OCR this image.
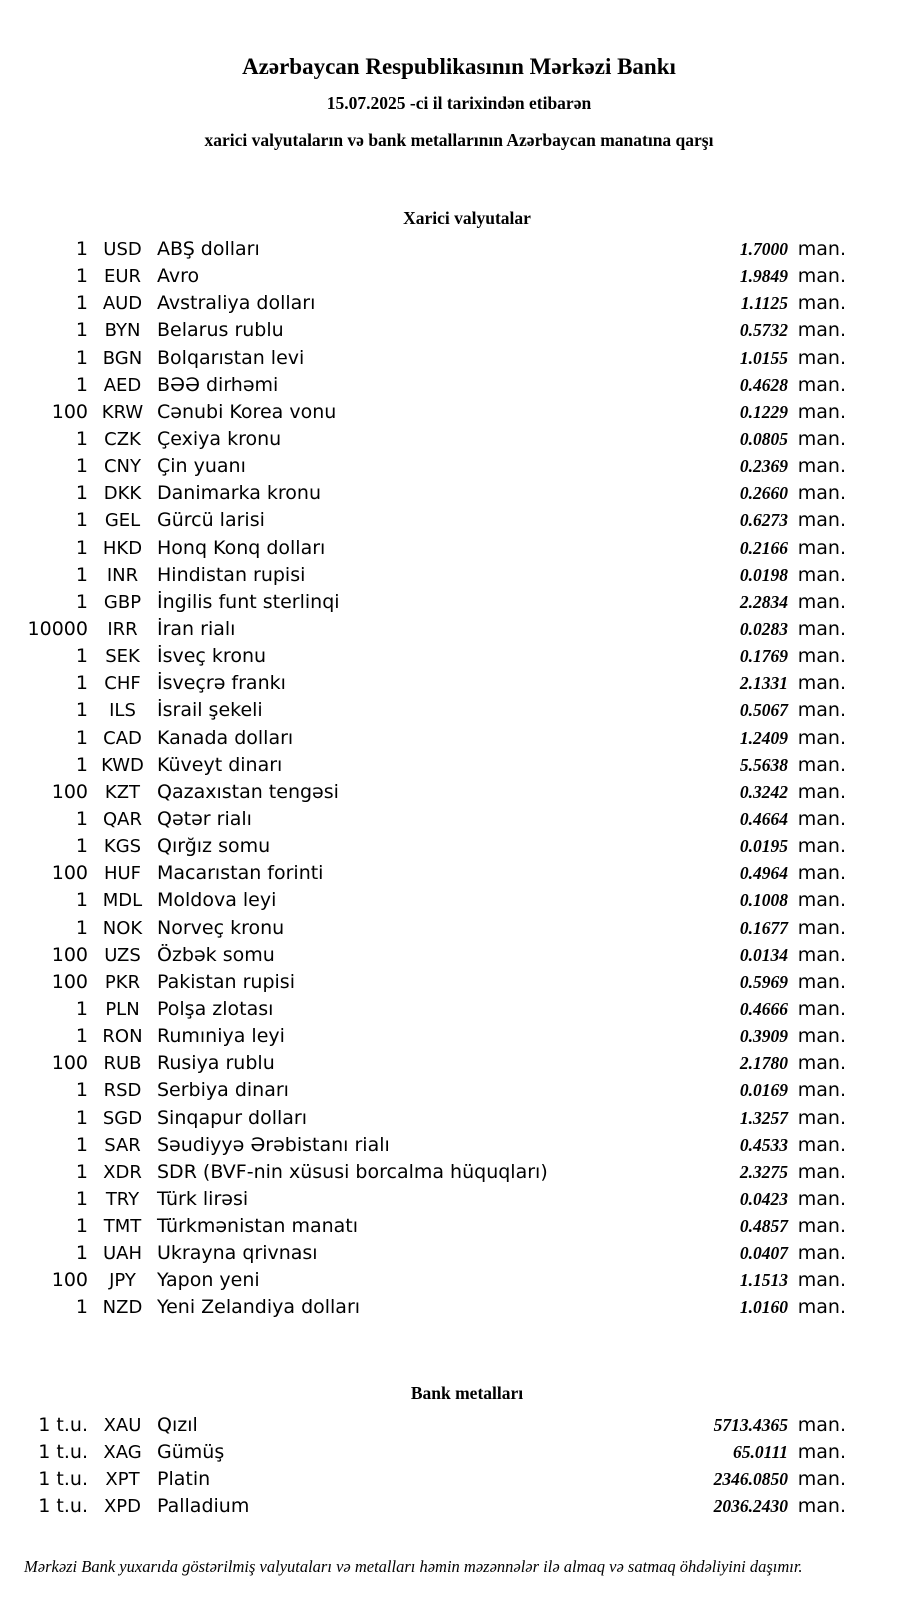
Azərbaycan Respublikasının Mərkəzi Bankı
15.07.2025 -ci il tarixindən etibarən
xarici valyutaların və bank metallarının Azərbaycan manatına qarşı
Xarici valyutalar
1 USD ABŞ dolları	1.7000 man.
1 EUR Avro	1.9849 man.
1 AUD Avstraliya dolları	1.1125 man.
1 BYN Belarus rublu	0.5732 man.
1 BGN Bolqarıstan levi	1.0155 man.
1 AED BƏƏ dirhəmi	0.4628 man.
100 KRW Cənubi Korea vonu	0.1229 man.
1 CZK Çexiya kronu	0.0805 man.
1 CNY Çin yuanı	0.2369 man.
1 DKK Danimarka kronu	0.2660 man.
1 GEL Gürcü larisi	0.6273 man.
1 HKD Honq Konq dolları	0.2166 man.
1	INR Hindistan rupisi	0.0198 man.
1 GBP İngilis funt sterlinqi	2.2834 man.
10000	IRR	İran rialı	0.0283 man.
1 SEK İsveç kronu	0.1769 man.
1 CHF İsveçrə frankı	2.1331 man.
1	ILS	İsrail şekeli	0.5067 man.
1 CAD Kanada dolları	1.2409 man.
1 KWD Küveyt dinarı	5.5638 man.
100 KZT Qazaxıstan tengəsi	0.3242 man.
1 QAR Qətər rialı	0.4664 man.
1 KGS Qırğız somu	0.0195 man.
100 HUF Macarıstan forinti	0.4964 man.
1 MDL Moldova leyi	0.1008 man.
1 NOK Norveç kronu	0.1677 man.
100 UZS Özbək somu	0.0134 man.
100 PKR Pakistan rupisi	0.5969 man.
1 PLN Polşa zlotası	0.4666 man.
1 RON Rumıniya leyi	0.3909 man.
100 RUB Rusiya rublu	2.1780 man.
1 RSD Serbiya dinarı	0.0169 man.
1 SGD Sinqapur dolları	1.3257 man.
1 SAR Səudiyyə Ərəbistanı rialı	0.4533 man.
1 XDR SDR (BVF-nin xüsusi borcalma hüquqları)	2.3275 man.
1 TRY Türk lirəsi	0.0423 man.
1 TMT Türkmənistan manatı	0.4857 man.
1 UAH Ukrayna qrivnası	0.0407 man.
100	JPY	Yapon yeni	1.1513 man.
1 NZD Yeni Zelandiya dolları	1.0160 man.
Bank metalları
1 t.u. XAU Qızıl	5713.4365 man.
1 t.u. XAG Gümüş	65.0111 man.
1 t.u. XPT Platin	2346.0850 man.
1 t.u. XPD Palladium	2036.2430 man.
Mərkəzi Bank yuxarıda göstərilmiş valyutaları və metalları həmin məzənnələr ilə almaq və satmaq öhdəliyini daşımır.
